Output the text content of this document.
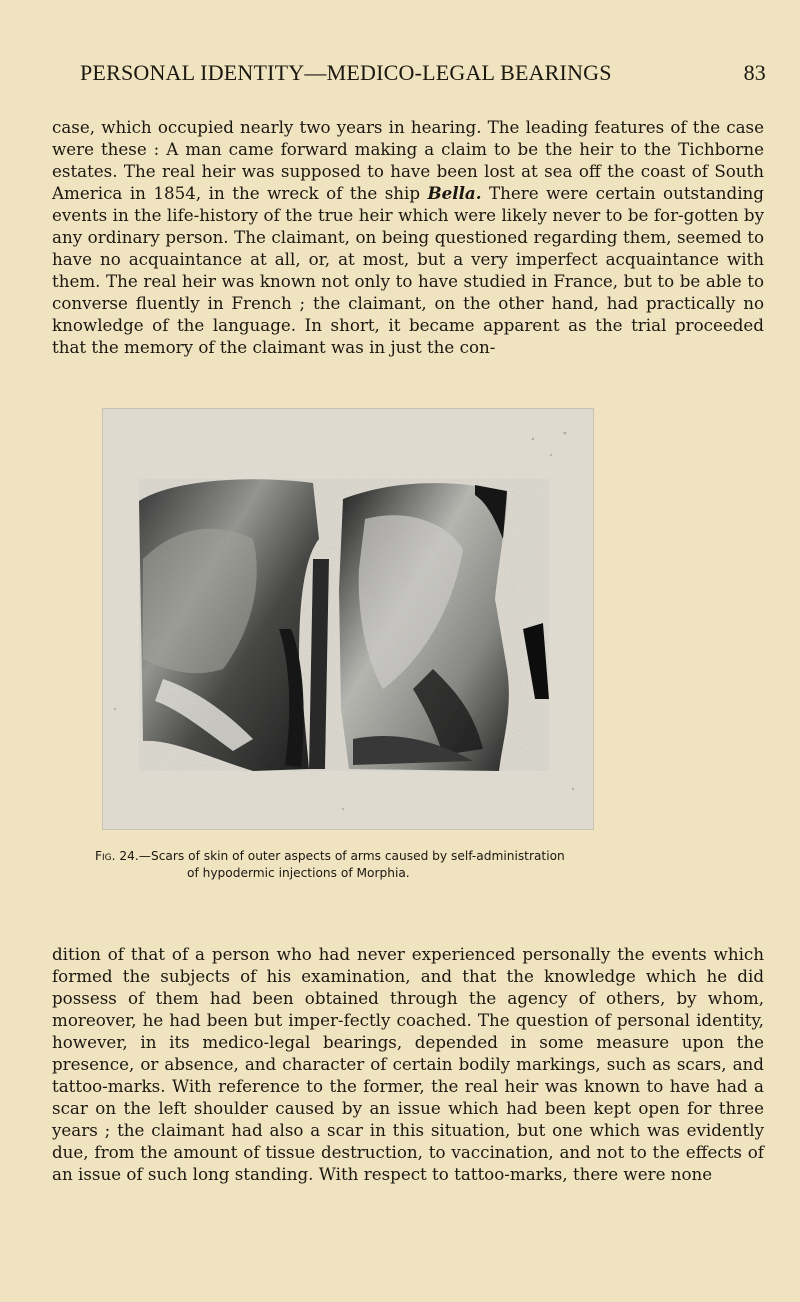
PERSONAL IDENTITY—MEDICO-LEGAL BEARINGS	83

case, which occupied nearly two years in hearing. The leading features of the case were these : A man came forward making a claim to be the heir to the Tichborne estates. The real heir was supposed to have been lost at sea off the coast of South America in 1854, in the wreck of the ship Bella. There were certain outstanding events in the life-history of the true heir which were likely never to be for-gotten by any ordinary person. The claimant, on being questioned regarding them, seemed to have no acquaintance at all, or, at most, but a very imperfect acquaintance with them. The real heir was known not only to have studied in France, but to be able to converse fluently in French ; the claimant, on the other hand, had practically no knowledge of the language. In short, it became apparent as the trial proceeded that the memory of the claimant was in just the con-

Fig. 24.—Scars of skin of outer aspects of arms caused by self-administration
of hypodermic injections of Morphia.

dition of that of a person who had never experienced personally the events which formed the subjects of his examination, and that the knowledge which he did possess of them had been obtained through the agency of others, by whom, moreover, he had been but imper-fectly coached. The question of personal identity, however, in its medico-legal bearings, depended in some measure upon the presence, or absence, and character of certain bodily markings, such as scars, and tattoo-marks. With reference to the former, the real heir was known to have had a scar on the left shoulder caused by an issue which had been kept open for three years ; the claimant had also a scar in this situation, but one which was evidently due, from the amount of tissue destruction, to vaccination, and not to the effects of an issue of such long standing. With respect to tattoo-marks, there were none
